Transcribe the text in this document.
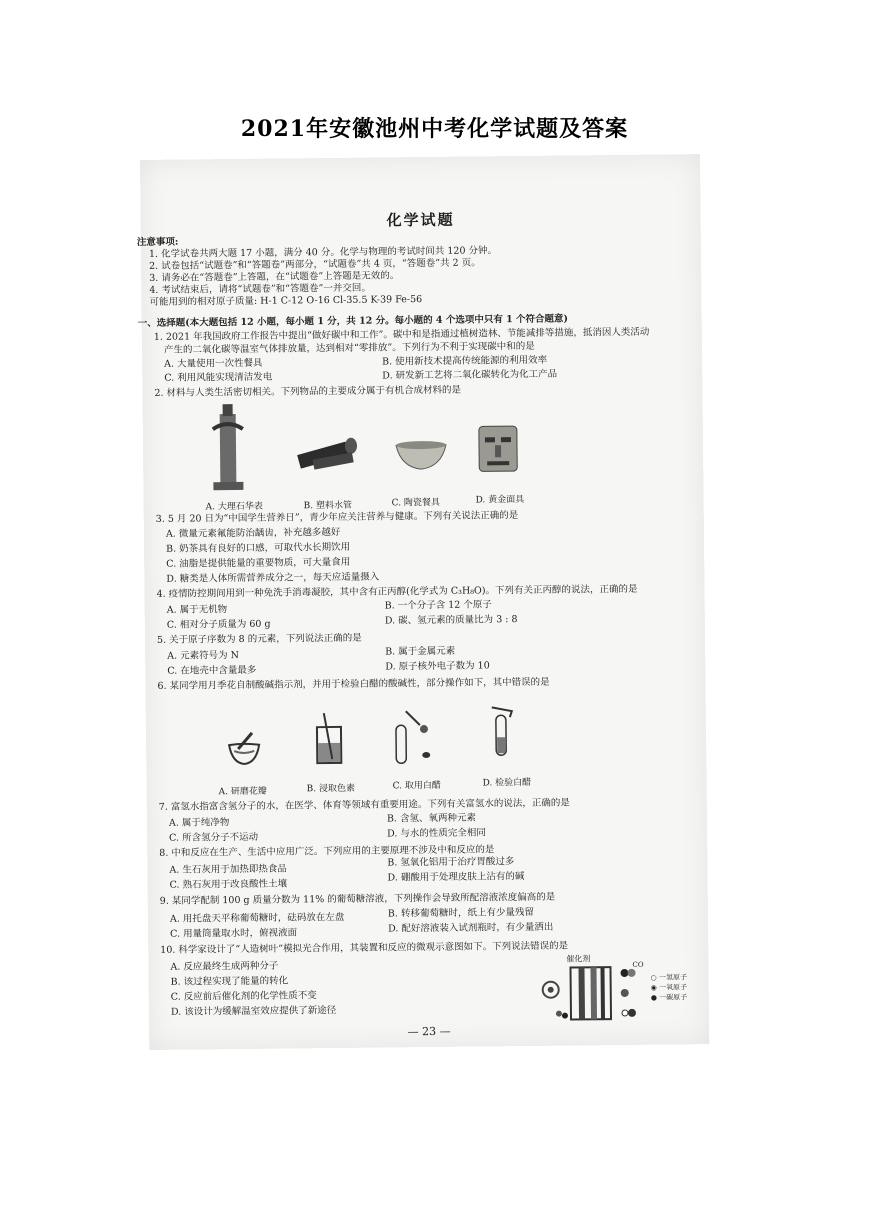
2021年安徽池州中考化学试题及答案
化学试题
注意事项:
1. 化学试卷共两大题 17 小题，满分 40 分。化学与物理的考试时间共 120 分钟。
2. 试卷包括“试题卷”和“答题卷”两部分，“试题卷”共 4 页，“答题卷”共 2 页。
3. 请务必在“答题卷”上答题，在“试题卷”上答题是无效的。
4. 考试结束后，请将“试题卷”和“答题卷”一并交回。
可能用到的相对原子质量: H-1 C-12 O-16 Cl-35.5 K-39 Fe-56
一、选择题(本大题包括 12 小题，每小题 1 分，共 12 分。每小题的 4 个选项中只有 1 个符合题意)
1. 2021 年我国政府工作报告中提出“做好碳中和工作”。碳中和是指通过植树造林、节能减排等措施，抵消因人类活动
产生的二氧化碳等温室气体排放量，达到相对“零排放”。下列行为不利于实现碳中和的是
A. 大量使用一次性餐具	B. 使用新技术提高传统能源的利用效率
C. 利用风能实现清洁发电	D. 研发新工艺将二氧化碳转化为化工产品
2. 材料与人类生活密切相关。下列物品的主要成分属于有机合成材料的是
A. 大理石华表	B. 塑料水管	C. 陶瓷餐具	D. 黄金面具
3. 5 月 20 日为“中国学生营养日”，青少年应关注营养与健康。下列有关说法正确的是
A. 微量元素氟能防治龋齿，补充越多越好
B. 奶茶具有良好的口感，可取代水长期饮用
C. 油脂是提供能量的重要物质，可大量食用
D. 糖类是人体所需营养成分之一，每天应适量摄入
4. 疫情防控期间用到一种免洗手消毒凝胶，其中含有正丙醇(化学式为 C₃H₈O)。下列有关正丙醇的说法，正确的是
A. 属于无机物	B. 一个分子含 12 个原子
C. 相对分子质量为 60 g	D. 碳、氢元素的质量比为 3 : 8
5. 关于原子序数为 8 的元素，下列说法正确的是
A. 元素符号为 N	B. 属于金属元素
C. 在地壳中含量最多	D. 原子核外电子数为 10
6. 某同学用月季花自制酸碱指示剂，并用于检验白醋的酸碱性，部分操作如下，其中错误的是
A. 研磨花瓣	B. 浸取色素	C. 取用白醋	D. 检验白醋
7. 富氢水指富含氢分子的水，在医学、体育等领域有重要用途。下列有关富氢水的说法，正确的是
A. 属于纯净物	B. 含氢、氧两种元素
C. 所含氢分子不运动	D. 与水的性质完全相同
8. 中和反应在生产、生活中应用广泛。下列应用的主要原理不涉及中和反应的是
A. 生石灰用于加热即热食品
B. 氢氧化铝用于治疗胃酸过多
C. 熟石灰用于改良酸性土壤
D. 硼酸用于处理皮肤上沾有的碱
9. 某同学配制 100 g 质量分数为 11% 的葡萄糖溶液，下列操作会导致所配溶液浓度偏高的是
A. 用托盘天平称葡萄糖时，砝码放在左盘	B. 转移葡萄糖时，纸上有少量残留
C. 用量筒量取水时，俯视液面	D. 配好溶液装入试剂瓶时，有少量洒出
10. 科学家设计了“人造树叶”模拟光合作用，其装置和反应的微观示意图如下。下列说法错误的是
A. 反应最终生成两种分子
B. 该过程实现了能量的转化
C. 反应前后催化剂的化学性质不变
D. 该设计为缓解温室效应提供了新途径
催化剂
CO
○ 一氢原子
◉ 一氧原子
● 一碳原子
— 23 —
